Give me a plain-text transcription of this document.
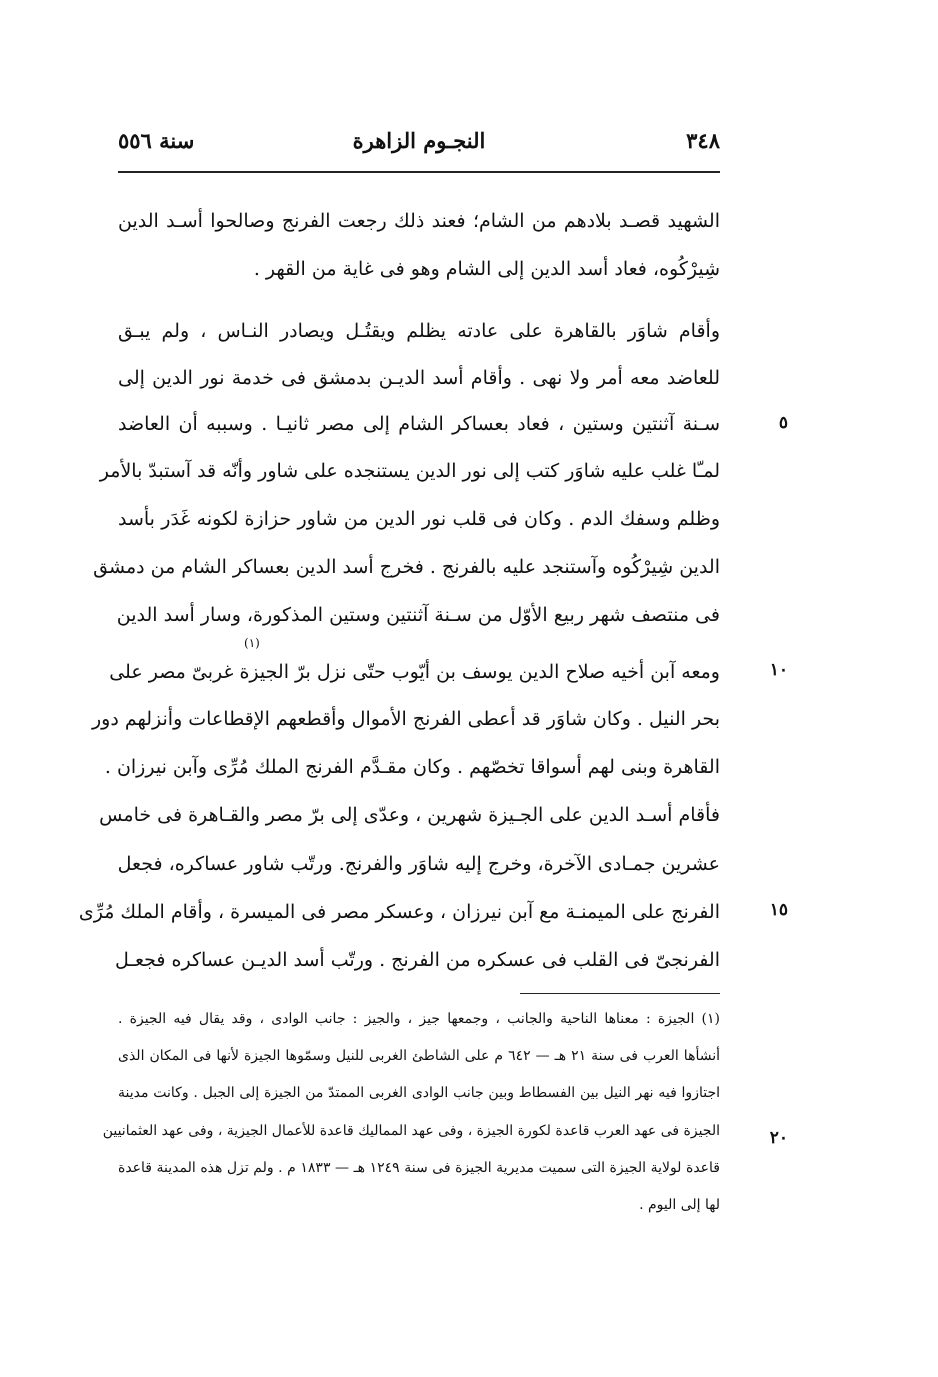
٣٤٨
النجـوم الزاهرة
سنة ٥٥٦
الشهيد قصـد بلادهم من الشام؛ فعند ذلك رجعت الفرنج وصالحوا أسـد الدين
شِيرْكُوه، فعاد أسد الدين إلى الشام وهو فى غاية من القهر .
وأقام شاوَر بالقاهرة على عادته يظلم ويقتُـل ويصادر النـاس ، ولم يبـق
للعاضد معه أمر ولا نهى . وأقام أسد الديـن بدمشق فى خدمة نور الدين إلى
سـنة آثنتين وستين ، فعاد بعساكر الشام إلى مصر ثانيـا . وسببه أن العاضد
لمـّا غلب عليه شاوَر كتب إلى نور الدين يستنجده على شاور وأنّه قد آستبدّ بالأمر
وظلم وسفك الدم . وكان فى قلب نور الدين من شاور حزازة لكونه غَدَر بأسد
الدين شِيرْكُوه وآستنجد عليه بالفرنج . فخرج أسد الدين بعساكر الشام من دمشق
فى منتصف شهر ربيع الأوّل من سـنة آثنتين وستين المذكورة، وسار أسد الدين
(١)
ومعه آبن أخيه صلاح الدين يوسف بن أيّوب حتّى نزل برّ الجيزة غربىّ مصر على
بحر النيل . وكان شاوَر قد أعطى الفرنج الأموال وأقطعهم الإقطاعات وأنزلهم دور
القاهرة وبنى لهم أسواقا تخصّهم . وكان مقـدَّم الفرنج الملك مُرِّى وآبن نيرزان .
فأقام أسـد الدين على الجـيزة شهرين ، وعدّى إلى برّ مصر والقـاهرة فى خامس
عشرين جمـادى الآخرة، وخرج إليه شاوَر والفرنج. ورتّب شاور عساكره، فجعل
الفرنج على الميمنـة مع آبن نيرزان ، وعسكر مصر فى الميسرة ، وأقام الملك مُرِّى
الفرنجىّ فى القلب فى عسكره من الفرنج . ورتّب أسد الديـن عساكره فجعـل
٥
١٠
١٥
٢٠
(١) الجيزة : معناها الناحية والجانب ، وجمعها جيز ، والجيز : جانب الوادى ، وقد يقال فيه الجيزة .
أنشأها العرب فى سنة ٢١ هـ — ٦٤٢ م على الشاطئ الغربى للنيل وسمّوها الجيزة لأنها فى المكان الذى
اجتازوا فيه نهر النيل بين الفسطاط وبين جانب الوادى الغربى الممتدّ من الجيزة إلى الجبل . وكانت مدينة
الجيزة فى عهد العرب قاعدة لكورة الجيزة ، وفى عهد المماليك قاعدة للأعمال الجيزية ، وفى عهد العثمانيين
قاعدة لولاية الجيزة التى سميت مديرية الجيزة فى سنة ١٢٤٩ هـ — ١٨٣٣ م . ولم تزل هذه المدينة قاعدة
لها إلى اليوم .
